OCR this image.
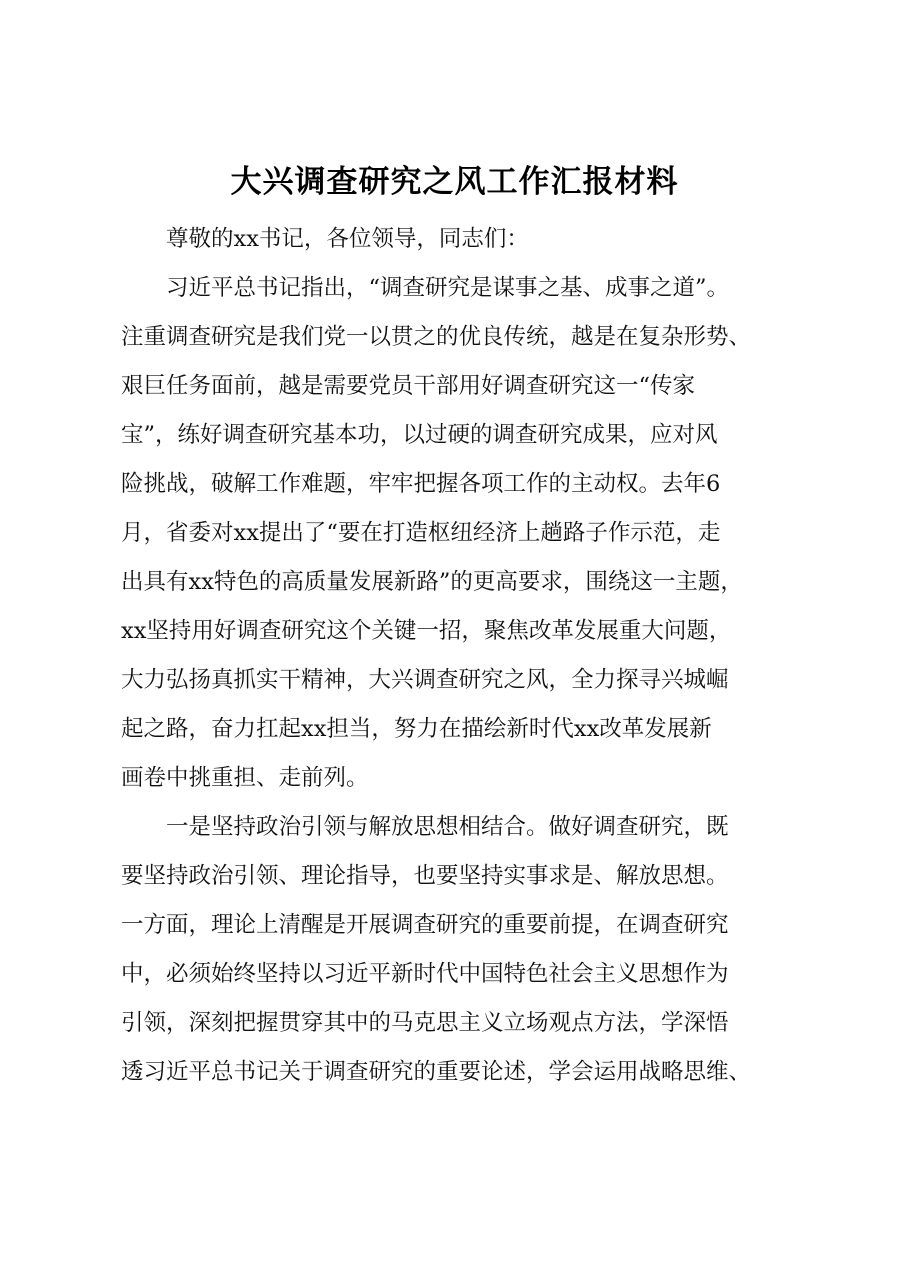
大兴调查研究之风工作汇报材料
　　尊敬的xx书记，各位领导，同志们：
　　习近平总书记指出，“调查研究是谋事之基、成事之道”。
注重调查研究是我们党一以贯之的优良传统，越是在复杂形势、
艰巨任务面前，越是需要党员干部用好调查研究这一“传家
宝”，练好调查研究基本功，以过硬的调查研究成果，应对风
险挑战，破解工作难题，牢牢把握各项工作的主动权。去年6
月，省委对xx提出了“要在打造枢纽经济上趟路子作示范，走
出具有xx特色的高质量发展新路”的更高要求，围绕这一主题，
xx坚持用好调查研究这个关键一招，聚焦改革发展重大问题，
大力弘扬真抓实干精神，大兴调查研究之风，全力探寻兴城崛
起之路，奋力扛起xx担当，努力在描绘新时代xx改革发展新
画卷中挑重担、走前列。
　　一是坚持政治引领与解放思想相结合。做好调查研究，既
要坚持政治引领、理论指导，也要坚持实事求是、解放思想。
一方面，理论上清醒是开展调查研究的重要前提，在调查研究
中，必须始终坚持以习近平新时代中国特色社会主义思想作为
引领，深刻把握贯穿其中的马克思主义立场观点方法，学深悟
透习近平总书记关于调查研究的重要论述，学会运用战略思维、
